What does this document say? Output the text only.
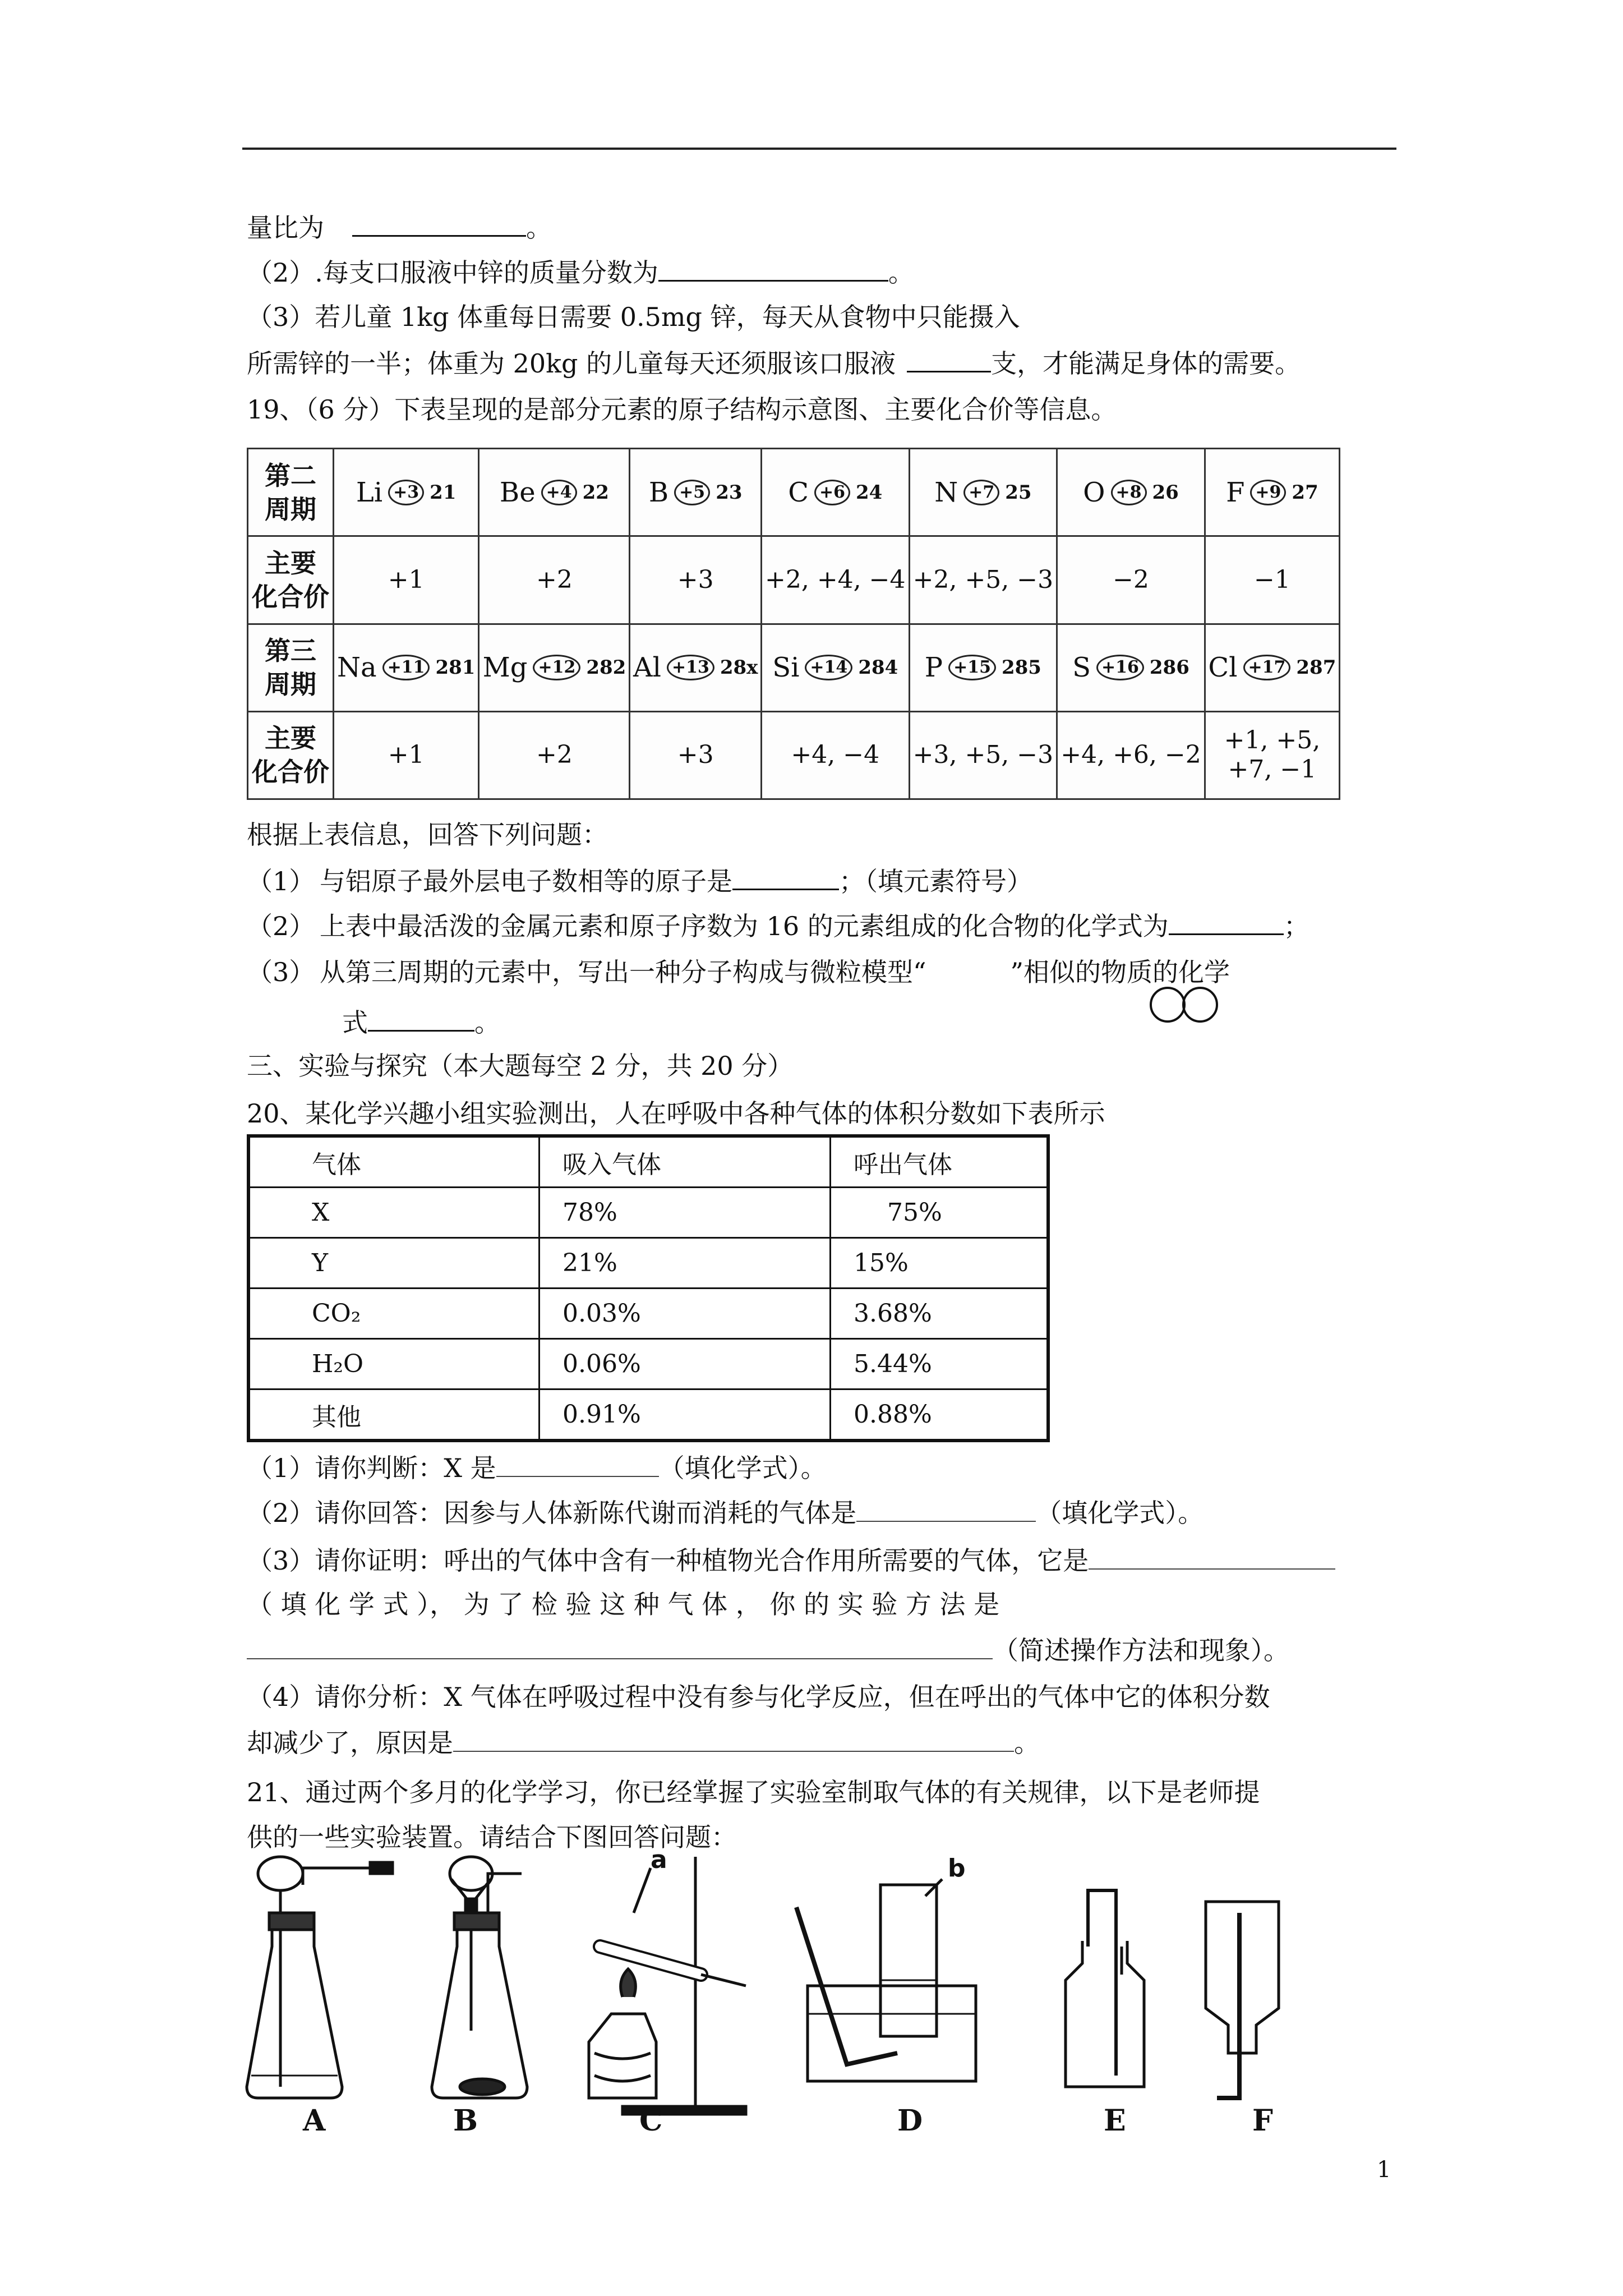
量比为	。
（2）.每支口服液中锌的质量分数为	。
（3）若儿童 1kg 体重每日需要 0.5mg 锌，每天从食物中只能摄入
所需锌的一半；体重为 20kg 的儿童每天还须服该口服液	支，才能满足身体的需要。
19、（6 分）下表呈现的是部分元素的原子结构示意图、主要化合价等信息。
第二
周期	Li +3 21	Be +4 22	B +5 23	C +6 24	N +7 25	O +8 26	F +9 27

主要
化合价	+1	+2	+3	+2, +4, −4	+2, +5, −3	−2	−1
第三
周期	Na +11 281	Mg +12 282	Al +13 28x	Si +14 284	P +15 285	S +16 286	Cl +17 287

主要
化合价	+1	+2	+3	+4, −4	+3, +5, −3	+4, +6, −2	+1, +5,
+7, −1
根据上表信息，回答下列问题：
（1） 与铝原子最外层电子数相等的原子是	；（填元素符号）
（2） 上表中最活泼的金属元素和原子序数为 16 的元素组成的化合物的化学式为	；
（3） 从第三周期的元素中，写出一种分子构成与微粒模型“	”相似的物质的化学
式	。
三、实验与探究（本大题每空 2 分，共 20 分）
20、某化学兴趣小组实验测出，人在呼吸中各种气体的体积分数如下表所示
气体	吸入气体	呼出气体
X	78%	75%
Y	21%	15%
CO₂	0.03%	3.68%
H₂O	0.06%	5.44%
其他	0.91%	0.88%
（1）请你判断：X 是	（填化学式）。
（2）请你回答：因参与人体新陈代谢而消耗的气体是	（填化学式）。
（3）请你证明：呼出的气体中含有一种植物光合作用所需要的气体，它是
（ 填 化 学 式 ）， 为 了 检 验 这 种 气 体 ， 你 的 实 验 方 法 是
（简述操作方法和现象）。
（4）请你分析：X 气体在呼吸过程中没有参与化学反应，但在呼出的气体中它的体积分数
却减少了，原因是	。
21、通过两个多月的化学学习，你已经掌握了实验室制取气体的有关规律，以下是老师提
供的一些实验装置。请结合下图回答问题：
a	b
A	B	C	D	E	F
1
